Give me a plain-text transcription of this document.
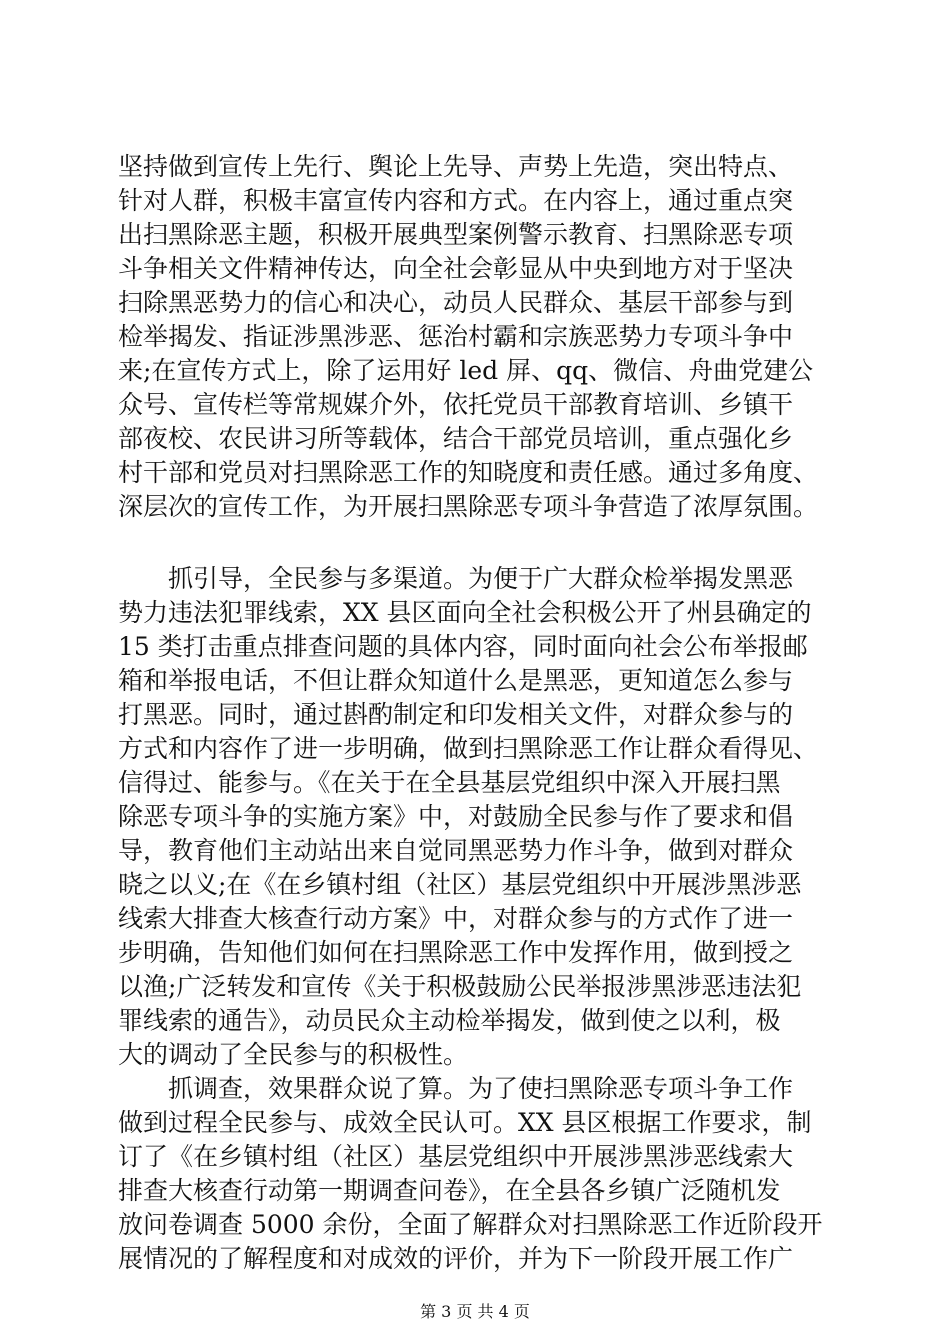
坚持做到宣传上先行、舆论上先导、声势上先造，突出特点、
针对人群，积极丰富宣传内容和方式。在内容上，通过重点突
出扫黑除恶主题，积极开展典型案例警示教育、扫黑除恶专项
斗争相关文件精神传达，向全社会彰显从中央到地方对于坚决
扫除黑恶势力的信心和决心，动员人民群众、基层干部参与到
检举揭发、指证涉黑涉恶、惩治村霸和宗族恶势力专项斗争中
来;在宣传方式上，除了运用好 led 屏、qq、微信、舟曲党建公
众号、宣传栏等常规媒介外，依托党员干部教育培训、乡镇干
部夜校、农民讲习所等载体，结合干部党员培训，重点强化乡
村干部和党员对扫黑除恶工作的知晓度和责任感。通过多角度、
深层次的宣传工作，为开展扫黑除恶专项斗争营造了浓厚氛围。
　　抓引导，全民参与多渠道。为便于广大群众检举揭发黑恶
势力违法犯罪线索，XX 县区面向全社会积极公开了州县确定的
15 类打击重点排查问题的具体内容，同时面向社会公布举报邮
箱和举报电话，不但让群众知道什么是黑恶，更知道怎么参与
打黑恶。同时，通过斟酌制定和印发相关文件，对群众参与的
方式和内容作了进一步明确，做到扫黑除恶工作让群众看得见、
信得过、能参与。《在关于在全县基层党组织中深入开展扫黑
除恶专项斗争的实施方案》中，对鼓励全民参与作了要求和倡
导，教育他们主动站出来自觉同黑恶势力作斗争，做到对群众
晓之以义;在《在乡镇村组（社区）基层党组织中开展涉黑涉恶
线索大排查大核查行动方案》中，对群众参与的方式作了进一
步明确，告知他们如何在扫黑除恶工作中发挥作用，做到授之
以渔;广泛转发和宣传《关于积极鼓励公民举报涉黑涉恶违法犯
罪线索的通告》，动员民众主动检举揭发，做到使之以利，极
大的调动了全民参与的积极性。
　　抓调查，效果群众说了算。为了使扫黑除恶专项斗争工作
做到过程全民参与、成效全民认可。XX 县区根据工作要求，制
订了《在乡镇村组（社区）基层党组织中开展涉黑涉恶线索大
排查大核查行动第一期调查问卷》，在全县各乡镇广泛随机发
放问卷调查 5000 余份，全面了解群众对扫黑除恶工作近阶段开
展情况的了解程度和对成效的评价，并为下一阶段开展工作广
第 3 页 共 4 页
